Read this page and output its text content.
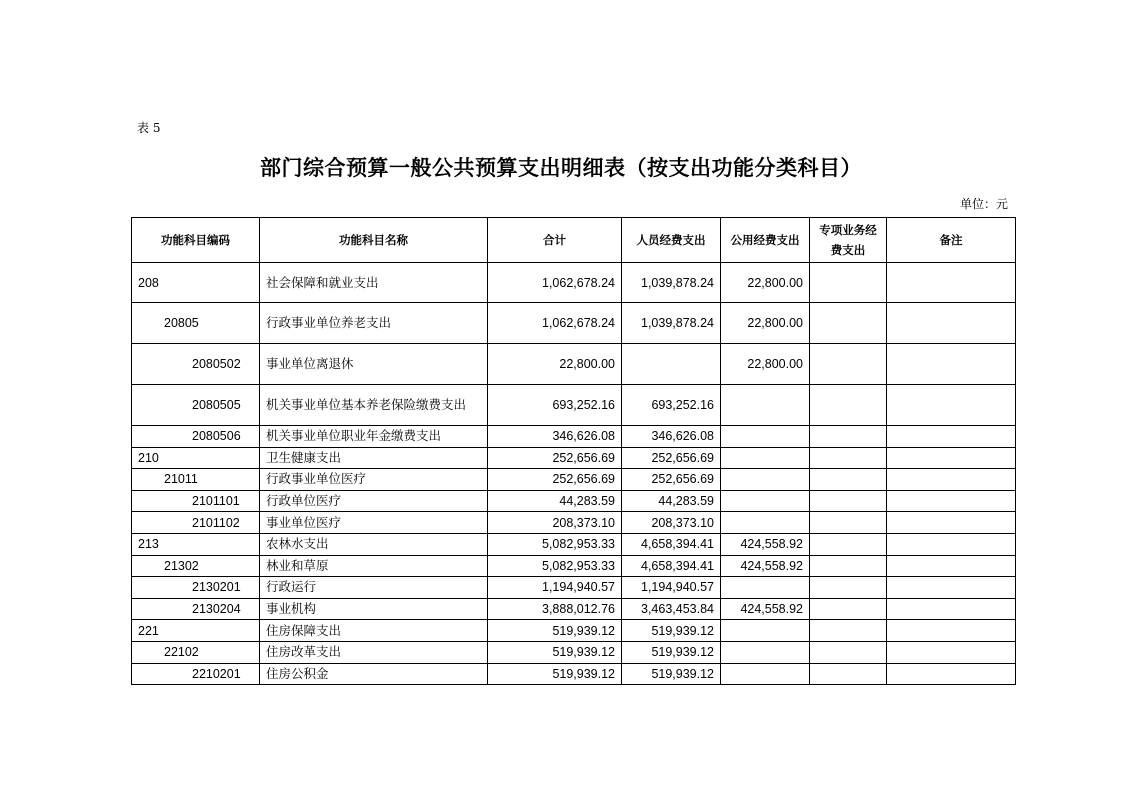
表 5
部门综合预算一般公共预算支出明细表（按支出功能分类科目）
单位：元
功能科目编码	功能科目名称	合计	人员经费支出	公用经费支出	专项业务经
费支出	备注
208	社会保障和就业支出	1,062,678.24	1,039,878.24	22,800.00		
20805	行政事业单位养老支出	1,062,678.24	1,039,878.24	22,800.00		
2080502	事业单位离退休	22,800.00		22,800.00		
2080505	机关事业单位基本养老保险缴费支出	693,252.16	693,252.16			
2080506	机关事业单位职业年金缴费支出	346,626.08	346,626.08			
210	卫生健康支出	252,656.69	252,656.69			
21011	行政事业单位医疗	252,656.69	252,656.69			
2101101	行政单位医疗	44,283.59	44,283.59			
2101102	事业单位医疗	208,373.10	208,373.10			
213	农林水支出	5,082,953.33	4,658,394.41	424,558.92		
21302	林业和草原	5,082,953.33	4,658,394.41	424,558.92		
2130201	行政运行	1,194,940.57	1,194,940.57			
2130204	事业机构	3,888,012.76	3,463,453.84	424,558.92		
221	住房保障支出	519,939.12	519,939.12			
22102	住房改革支出	519,939.12	519,939.12			
2210201	住房公积金	519,939.12	519,939.12			
